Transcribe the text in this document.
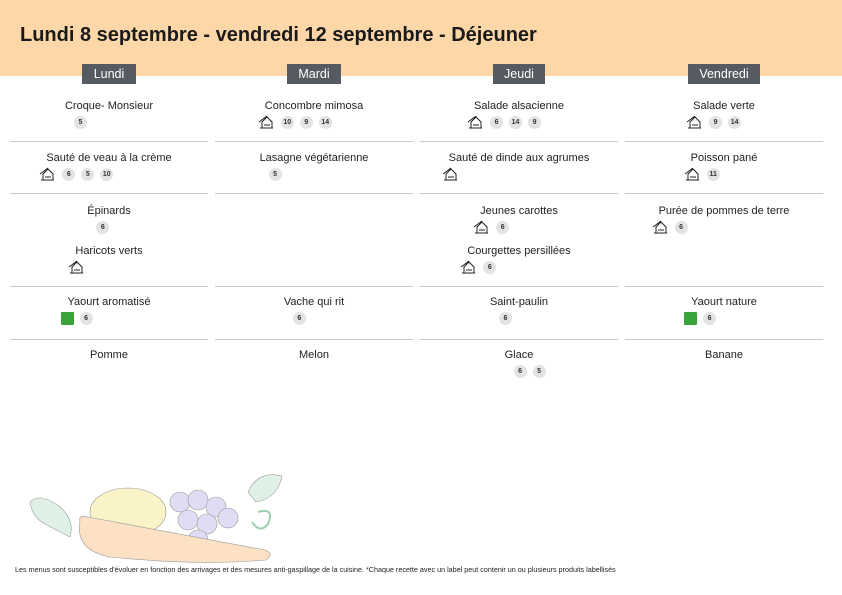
Lundi 8 septembre - vendredi 12 septembre - Déjeuner
Lundi
Croque- Monsieur
5
Sauté de veau à la crème
6	5	10
Épinards
6
Haricots verts
Yaourt aromatisé
6
Pomme
Mardi
Concombre mimosa
10	9	14
Lasagne végétarienne
5
Vache qui rit
6
Melon
Jeudi
Salade alsacienne
6	14	9
Sauté de dinde aux agrumes
Jeunes carottes
6
Courgettes persillées
6
Saint-paulin
6
Glace
6	5
Vendredi
Salade verte
9	14
Poisson pané
11
Purée de pommes de terre
6
Yaourt nature
6
Banane
Les menus sont susceptibles d'évoluer en fonction des arrivages et des mesures anti-gaspillage de la cuisine. *Chaque recette avec un label peut contenir un ou plusieurs produits labellisés
